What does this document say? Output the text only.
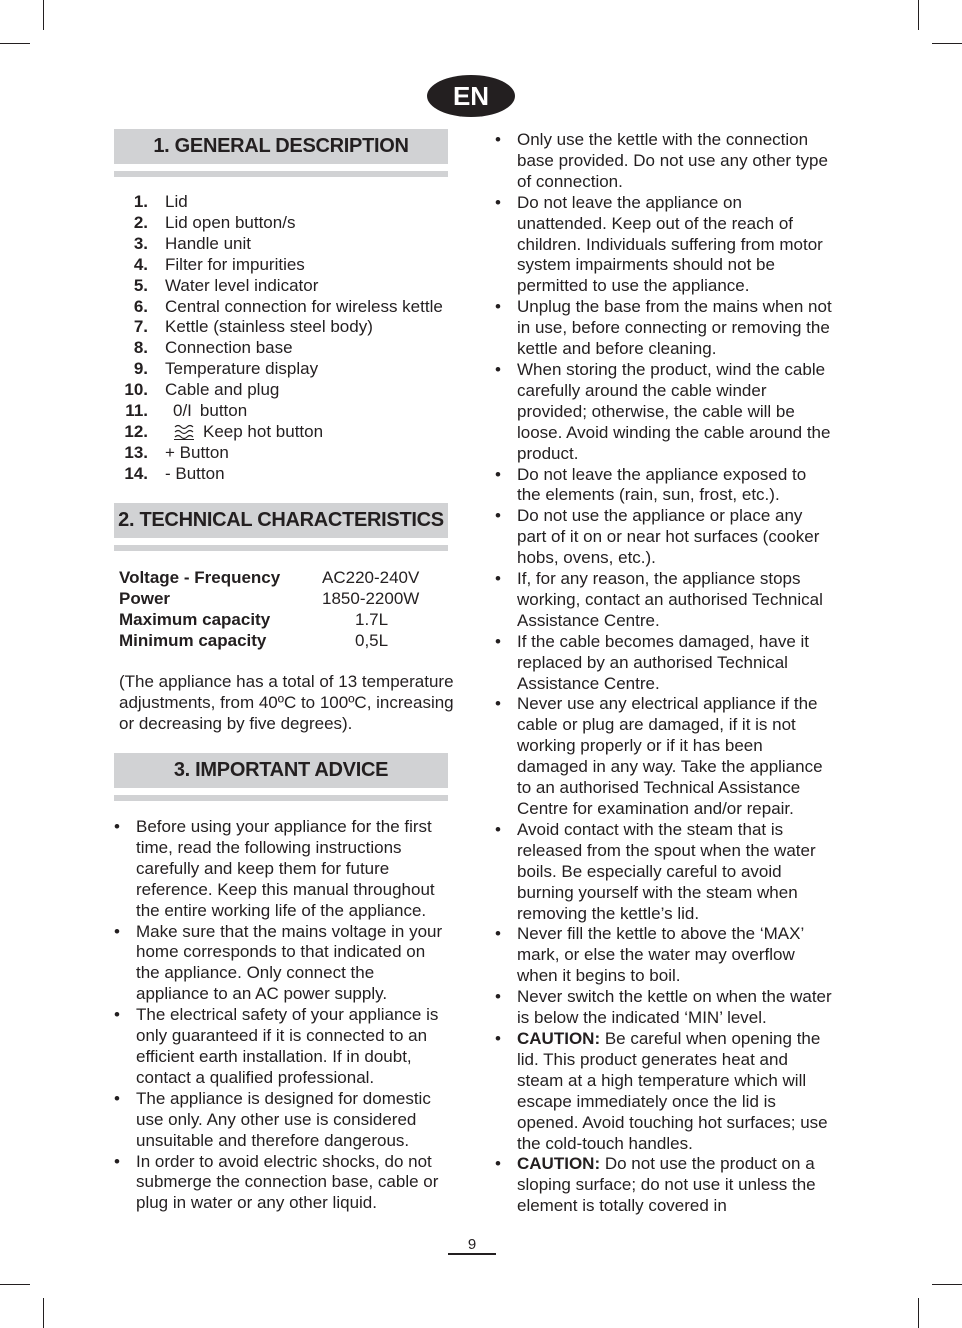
EN
1. GENERAL DESCRIPTION
1.	Lid
2.	Lid open button/s
3.	Handle unit
4.	Filter for impurities
5.	Water level indicator
6.	Central connection for wireless kettle
7.	Kettle (stainless steel body)
8.	Connection base
9.	Temperature display
10.	Cable and plug
11.	0/I button
12.	Keep hot button
13.	+ Button
14.	- Button
2. TECHNICAL CHARACTERISTICS
Voltage - Frequency	AC220-240V
Power	1850-2200W
Maximum capacity	1.7L
Minimum capacity	0,5L
(The appliance has a total of 13 temperature adjustments, from 40ºC to 100ºC, increasing or decreasing by five degrees).
3. IMPORTANT ADVICE
• Before using your appliance for the first time, read the following instructions carefully and keep them for future reference. Keep this manual throughout the entire working life of the appliance.
• Make sure that the mains voltage in your home corresponds to that indicated on the appliance. Only connect the appliance to an AC power supply.
• The electrical safety of your appliance is only guaranteed if it is connected to an efficient earth installation. If in doubt, contact a qualified professional.
• The appliance is designed for domestic use only. Any other use is considered unsuitable and therefore dangerous.
• In order to avoid electric shocks, do not submerge the connection base, cable or plug in water or any other liquid.
• Only use the kettle with the connection base provided. Do not use any other type of connection.
• Do not leave the appliance on unattended. Keep out of the reach of children. Individuals suffering from motor system impairments should not be permitted to use the appliance.
• Unplug the base from the mains when not in use, before connecting or removing the kettle and before cleaning.
• When storing the product, wind the cable carefully around the cable winder provided; otherwise, the cable will be loose. Avoid winding the cable around the product.
• Do not leave the appliance exposed to the elements (rain, sun, frost, etc.).
• Do not use the appliance or place any part of it on or near hot surfaces (cooker hobs, ovens, etc.).
• If, for any reason, the appliance stops working, contact an authorised Technical Assistance Centre.
• If the cable becomes damaged, have it replaced by an authorised Technical Assistance Centre.
• Never use any electrical appliance if the cable or plug are damaged, if it is not working properly or if it has been damaged in any way. Take the appliance to an authorised Technical Assistance Centre for examination and/or repair.
• Avoid contact with the steam that is released from the spout when the water boils. Be especially careful to avoid burning yourself with the steam when removing the kettle’s lid.
• Never fill the kettle to above the ‘MAX’ mark, or else the water may overflow when it begins to boil.
• Never switch the kettle on when the water is below the indicated ‘MIN’ level.
• CAUTION: Be careful when opening the lid. This product generates heat and steam at a high temperature which will escape immediately once the lid is opened. Avoid touching hot surfaces; use the cold-touch handles.
• CAUTION: Do not use the product on a sloping surface; do not use it unless the element is totally covered in
9
